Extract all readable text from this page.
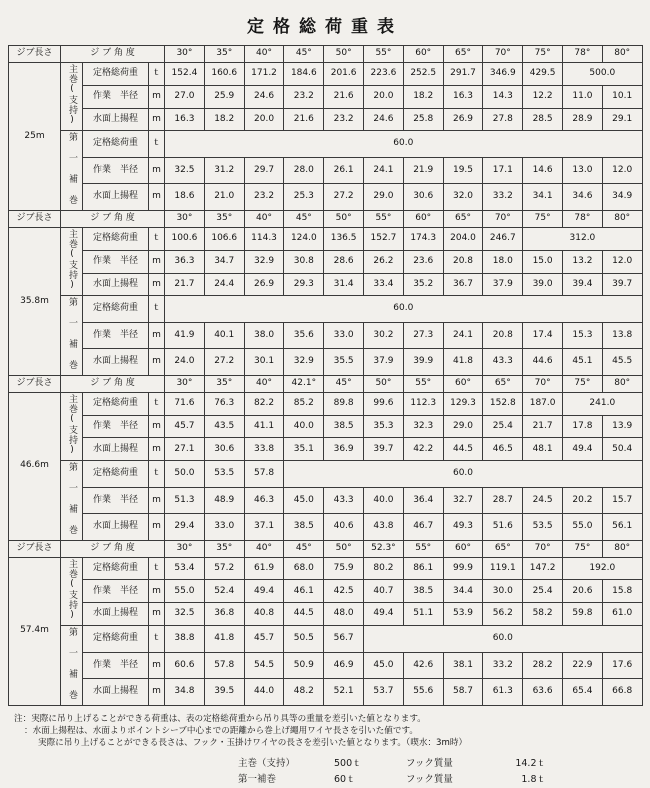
定格総荷重表
ジブ長さ	ジ ブ 角 度			30°	35°	40°	45°	50°	55°	60°	65°	70°	75°	78°	80°
25m	主巻(支持)	定格総荷重	ｔ	152.4	160.6	171.2	184.6	201.6	223.6	252.5	291.7	346.9	429.5	500.0	
		作業　半径	m	27.0	25.9	24.6	23.2	21.6	20.0	18.2	16.3	14.3	12.2	11.0	10.1
		水面上揚程	m	16.3	18.2	20.0	21.6	23.2	24.6	25.8	26.9	27.8	28.5	28.9	29.1
	第 一 補 巻	定格総荷重	ｔ	60.0											
		作業　半径	m	32.5	31.2	29.7	28.0	26.1	24.1	21.9	19.5	17.1	14.6	13.0	12.0
		水面上揚程	m	18.6	21.0	23.2	25.3	27.2	29.0	30.6	32.0	33.2	34.1	34.6	34.9
ジブ長さ	ジ ブ 角 度			30°	35°	40°	45°	50°	55°	60°	65°	70°	75°	78°	80°
35.8m	主巻(支持)	定格総荷重	ｔ	100.6	106.6	114.3	124.0	136.5	152.7	174.3	204.0	246.7	312.0		
		作業　半径	m	36.3	34.7	32.9	30.8	28.6	26.2	23.6	20.8	18.0	15.0	13.2	12.0
		水面上揚程	m	21.7	24.4	26.9	29.3	31.4	33.4	35.2	36.7	37.9	39.0	39.4	39.7
	第 一 補 巻	定格総荷重	ｔ	60.0											
		作業　半径	m	41.9	40.1	38.0	35.6	33.0	30.2	27.3	24.1	20.8	17.4	15.3	13.8
		水面上揚程	m	24.0	27.2	30.1	32.9	35.5	37.9	39.9	41.8	43.3	44.6	45.1	45.5
ジブ長さ	ジ ブ 角 度			30°	35°	40°	42.1°	45°	50°	55°	60°	65°	70°	75°	80°
46.6m	主巻(支持)	定格総荷重	ｔ	71.6	76.3	82.2	85.2	89.8	99.6	112.3	129.3	152.8	187.0	241.0	
		作業　半径	m	45.7	43.5	41.1	40.0	38.5	35.3	32.3	29.0	25.4	21.7	17.8	13.9
		水面上揚程	m	27.1	30.6	33.8	35.1	36.9	39.7	42.2	44.5	46.5	48.1	49.4	50.4
	第 一 補 巻	定格総荷重	ｔ	50.0	53.5	57.8	60.0								
		作業　半径	m	51.3	48.9	46.3	45.0	43.3	40.0	36.4	32.7	28.7	24.5	20.2	15.7
		水面上揚程	m	29.4	33.0	37.1	38.5	40.6	43.8	46.7	49.3	51.6	53.5	55.0	56.1
ジブ長さ	ジ ブ 角 度			30°	35°	40°	45°	50°	52.3°	55°	60°	65°	70°	75°	80°
57.4m	主巻(支持)	定格総荷重	ｔ	53.4	57.2	61.9	68.0	75.9	80.2	86.1	99.9	119.1	147.2	192.0	
		作業　半径	m	55.0	52.4	49.4	46.1	42.5	40.7	38.5	34.4	30.0	25.4	20.6	15.8
		水面上揚程	m	32.5	36.8	40.8	44.5	48.0	49.4	51.1	53.9	56.2	58.2	59.8	61.0
	第 一 補 巻	定格総荷重	ｔ	38.8	41.8	45.7	50.5	56.7	60.0						
		作業　半径	m	60.6	57.8	54.5	50.9	46.9	45.0	42.6	38.1	33.2	28.2	22.9	17.6
		水面上揚程	m	34.8	39.5	44.0	48.2	52.1	53.7	55.6	58.7	61.3	63.6	65.4	66.8
注：実際に吊り上げることができる荷重は、表の定格総荷重から吊り具等の重量を差引いた値となります。
：水面上揚程は、水面よりポイントシーブ中心までの距離から巻上げ繩用ワイヤ長さを引いた値です。
実際に吊り上げることができる長さは、フック・玉掛けワイヤの長さを差引いた値となります。（喫水：3m時）
主巻（支持）	500ｔ	フック質量	14.2ｔ
第一補巻	60ｔ	フック質量	1.8ｔ
